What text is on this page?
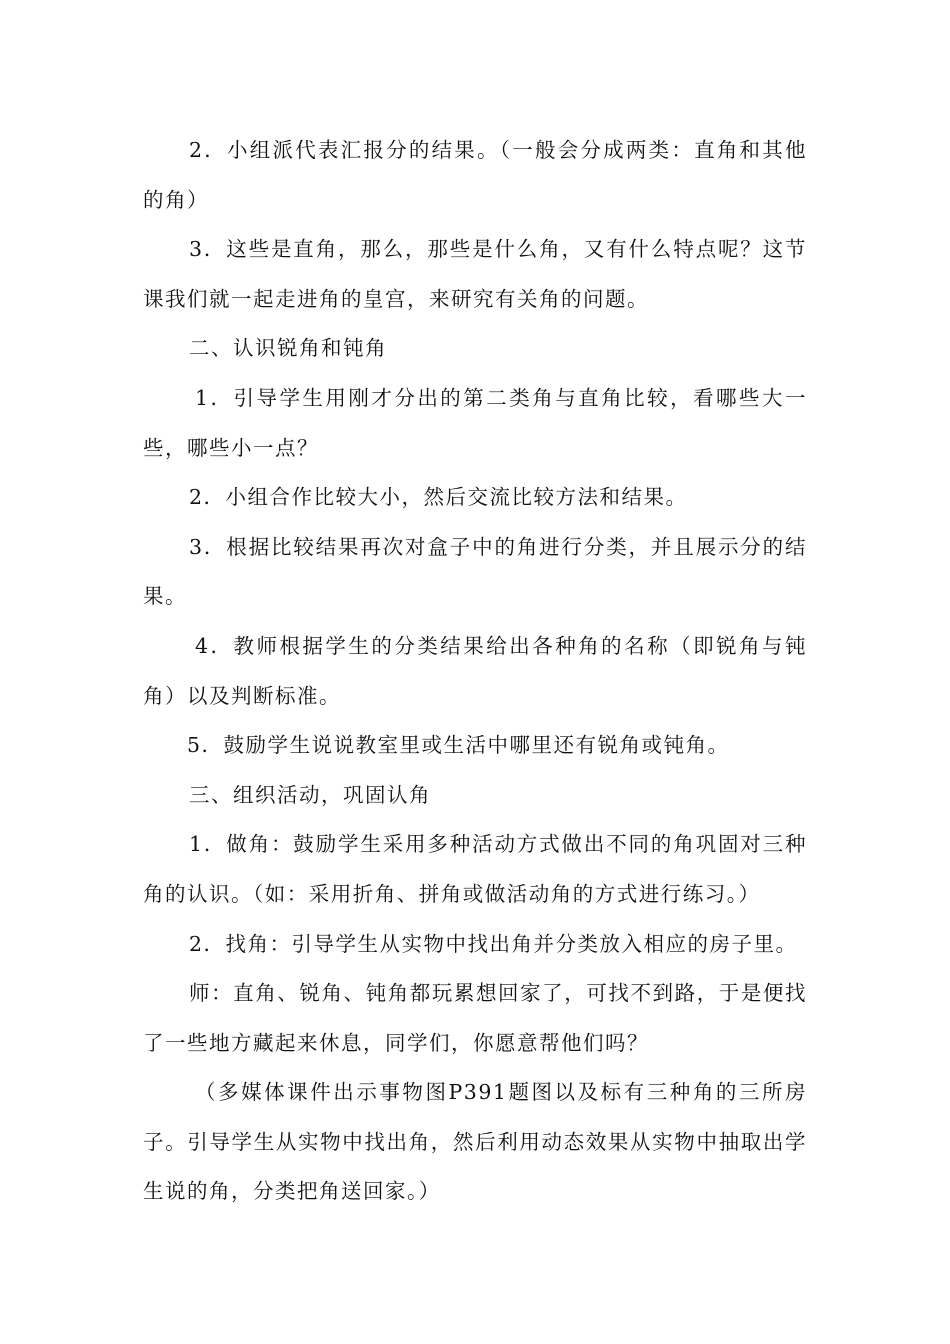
2．小组派代表汇报分的结果。（一般会分成两类：直角和其他的角）

3．这些是直角，那么，那些是什么角，又有什么特点呢？这节课我们就一起走进角的皇宫，来研究有关角的问题。

二、认识锐角和钝角

1．引导学生用刚才分出的第二类角与直角比较，看哪些大一些，哪些小一点？

2．小组合作比较大小，然后交流比较方法和结果。

3．根据比较结果再次对盒子中的角进行分类，并且展示分的结果。

4．教师根据学生的分类结果给出各种角的名称（即锐角与钝角）以及判断标准。

5．鼓励学生说说教室里或生活中哪里还有锐角或钝角。

三、组织活动，巩固认角

1．做角：鼓励学生采用多种活动方式做出不同的角巩固对三种角的认识。（如：采用折角、拼角或做活动角的方式进行练习。）

2．找角：引导学生从实物中找出角并分类放入相应的房子里。

师：直角、锐角、钝角都玩累想回家了，可找不到路，于是便找了一些地方藏起来休息，同学们，你愿意帮他们吗？

（多媒体课件出示事物图P391题图以及标有三种角的三所房子。引导学生从实物中找出角，然后利用动态效果从实物中抽取出学生说的角，分类把角送回家。）
